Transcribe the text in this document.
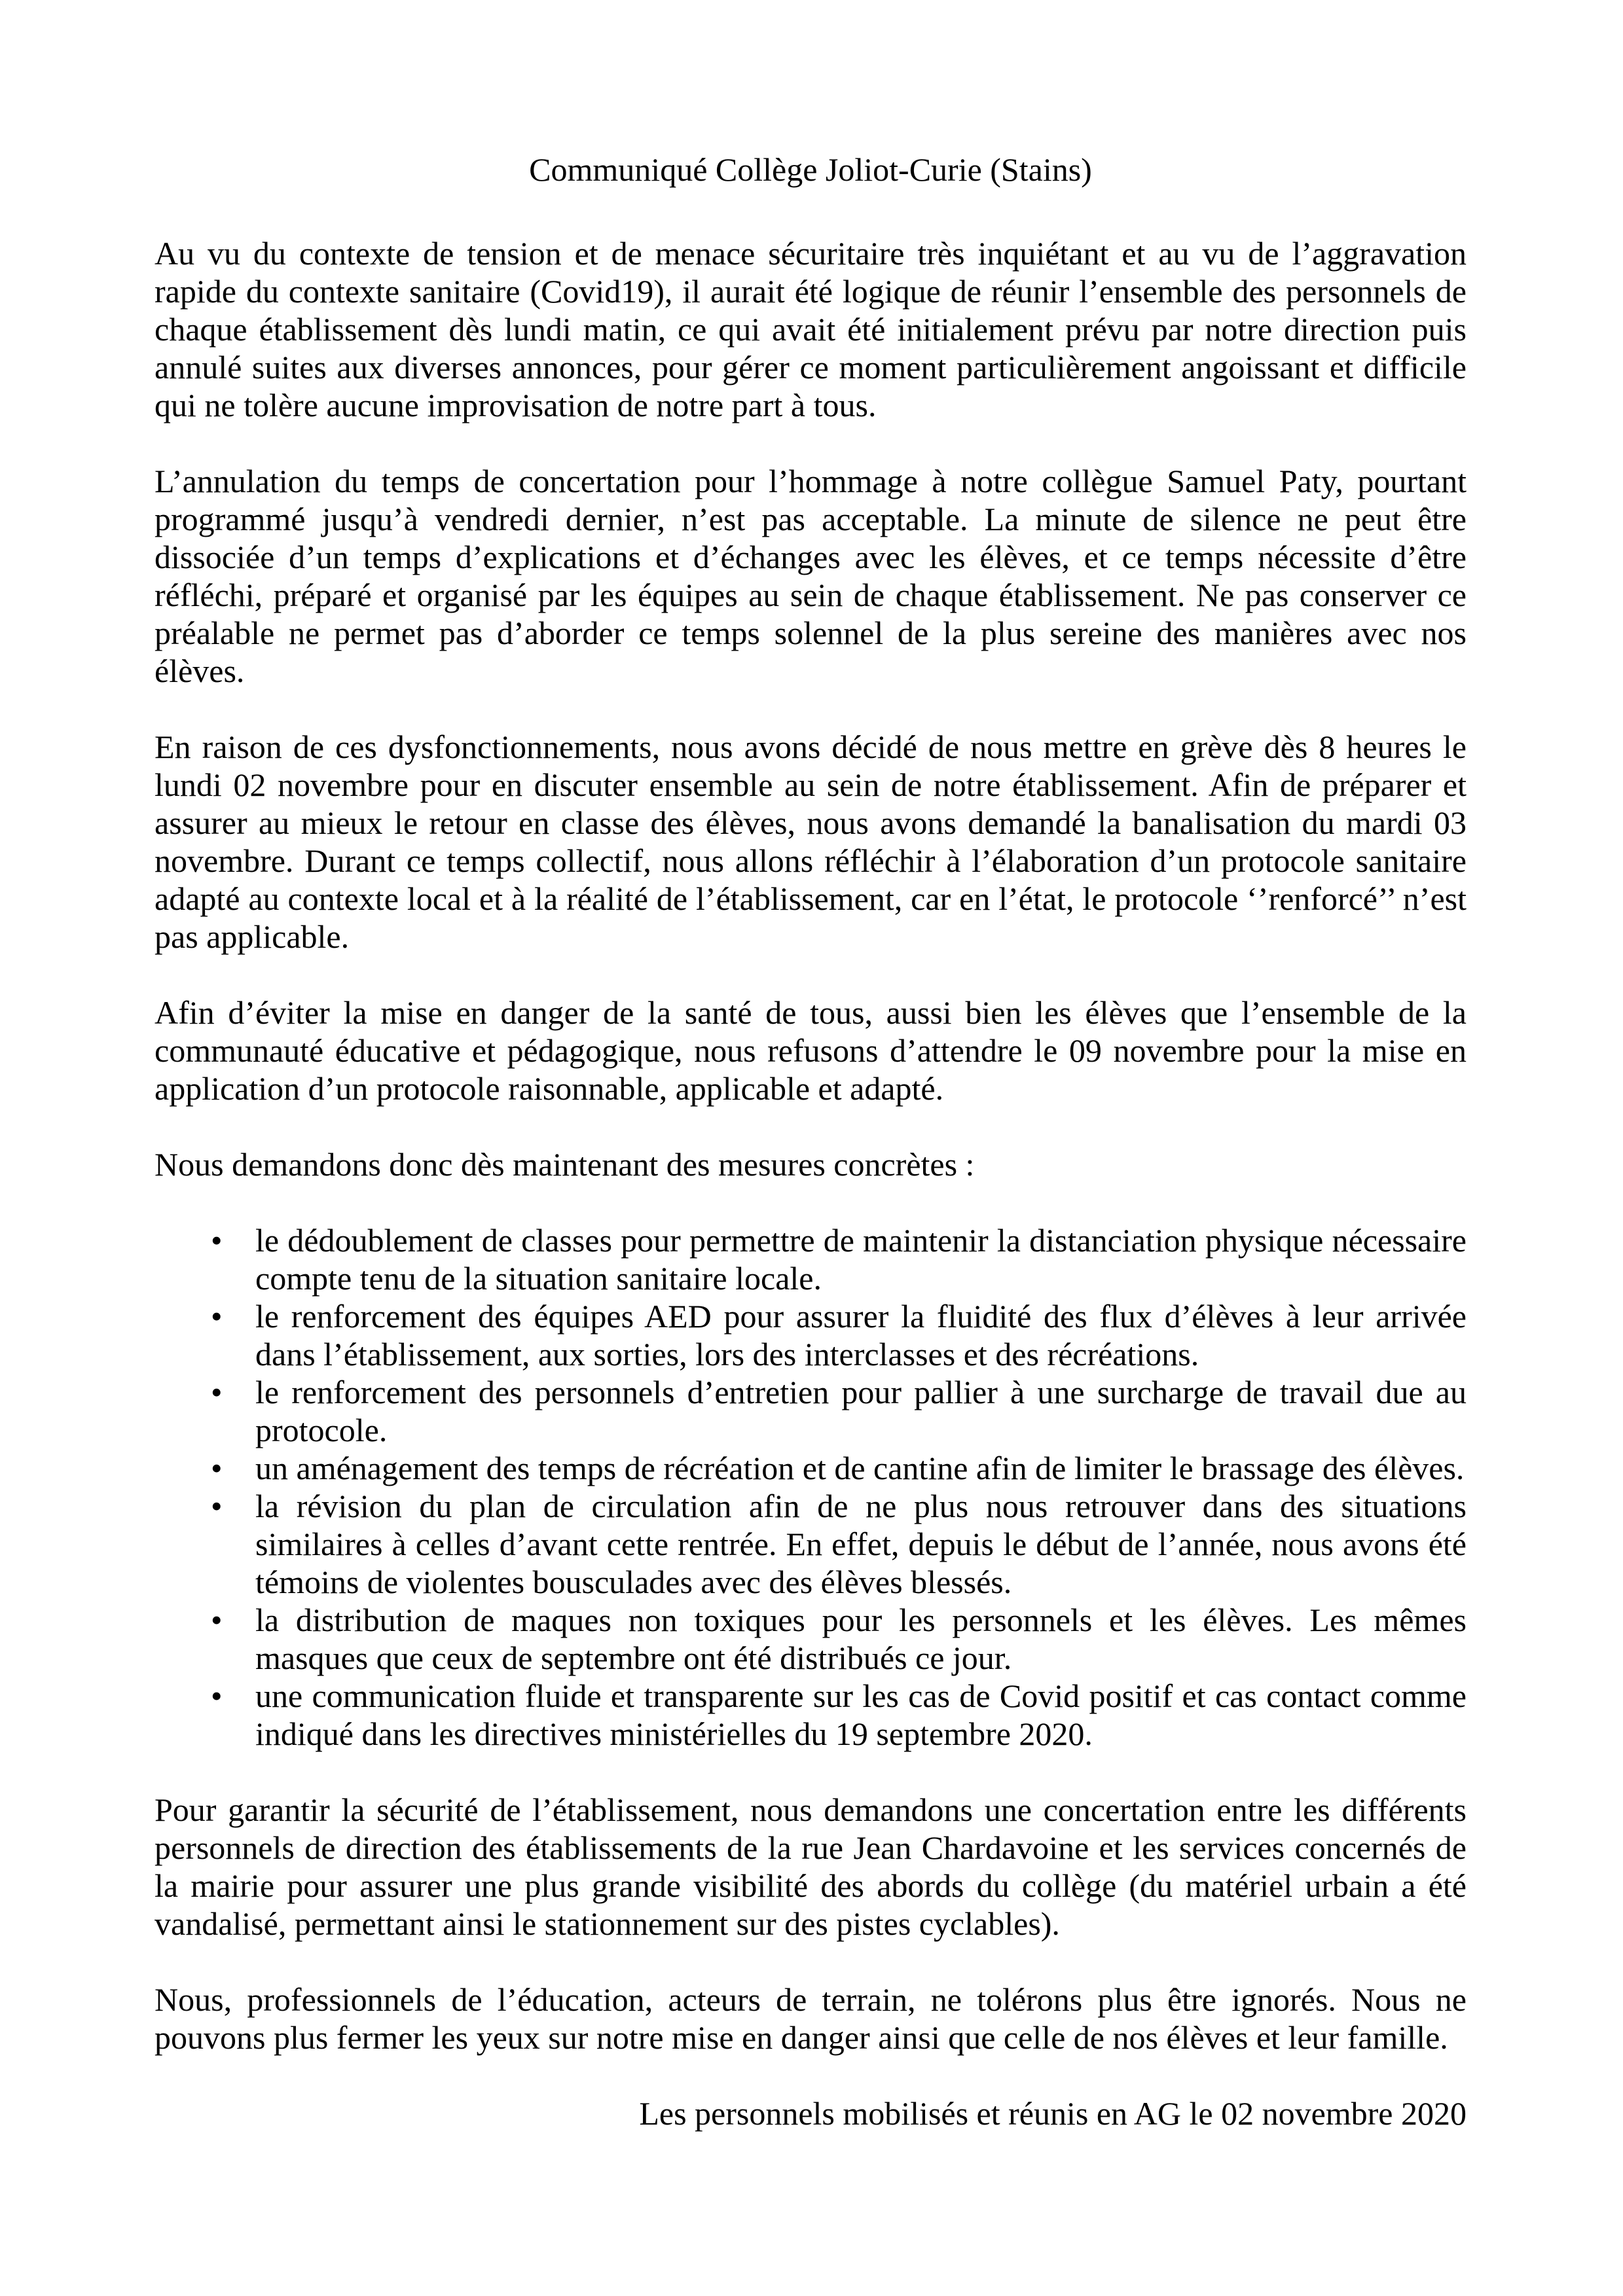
Communiqué Collège Joliot-Curie (Stains)

Au vu du contexte de tension et de menace sécuritaire très inquiétant et au vu de l’aggravation rapide du contexte sanitaire (Covid19), il aurait été logique de réunir l’ensemble des personnels de chaque établissement dès lundi matin, ce qui avait été initialement prévu par notre direction puis annulé suites aux diverses annonces, pour gérer ce moment particulièrement angoissant et difficile qui ne tolère aucune improvisation de notre part à tous.

L’annulation du temps de concertation pour l’hommage à notre collègue Samuel Paty, pourtant programmé jusqu’à vendredi dernier, n’est pas acceptable. La minute de silence ne peut être dissociée d’un temps d’explications et d’échanges avec les élèves, et ce temps nécessite d’être réfléchi, préparé et organisé par les équipes au sein de chaque établissement. Ne pas conserver ce préalable ne permet pas d’aborder ce temps solennel de la plus sereine des manières avec nos élèves.

En raison de ces dysfonctionnements, nous avons décidé de nous mettre en grève dès 8 heures le lundi 02 novembre pour en discuter ensemble au sein de notre établissement. Afin de préparer et assurer au mieux le retour en classe des élèves, nous avons demandé la banalisation du mardi 03 novembre. Durant ce temps collectif, nous allons réfléchir à l’élaboration d’un protocole sanitaire adapté au contexte local et à la réalité de l’établissement, car en l’état, le protocole ‘’renforcé’’ n’est pas applicable.

Afin d’éviter la mise en danger de la santé de tous, aussi bien les élèves que l’ensemble de la communauté éducative et pédagogique, nous refusons d’attendre le 09 novembre pour la mise en application d’un protocole raisonnable, applicable et adapté.

Nous demandons donc dès maintenant des mesures concrètes :

• le dédoublement de classes pour permettre de maintenir la distanciation physique nécessaire compte tenu de la situation sanitaire locale.
• le renforcement des équipes AED pour assurer la fluidité des flux d’élèves à leur arrivée dans l’établissement, aux sorties, lors des interclasses et des récréations.
• le renforcement des personnels d’entretien pour pallier à une surcharge de travail due au protocole.
• un aménagement des temps de récréation et de cantine afin de limiter le brassage des élèves.
• la révision du plan de circulation afin de ne plus nous retrouver dans des situations similaires à celles d’avant cette rentrée. En effet, depuis le début de l’année, nous avons été témoins de violentes bousculades avec des élèves blessés.
• la distribution de maques non toxiques pour les personnels et les élèves. Les mêmes masques que ceux de septembre ont été distribués ce jour.
• une communication fluide et transparente sur les cas de Covid positif et cas contact comme indiqué dans les directives ministérielles du 19 septembre 2020.

Pour garantir la sécurité de l’établissement, nous demandons une concertation entre les différents personnels de direction des établissements de la rue Jean Chardavoine et les services concernés de la mairie pour assurer une plus grande visibilité des abords du collège (du matériel urbain a été vandalisé, permettant ainsi le stationnement sur des pistes cyclables).

Nous, professionnels de l’éducation, acteurs de terrain, ne tolérons plus être ignorés. Nous ne pouvons plus fermer les yeux sur notre mise en danger ainsi que celle de nos élèves et leur famille.

Les personnels mobilisés et réunis en AG le 02 novembre 2020
